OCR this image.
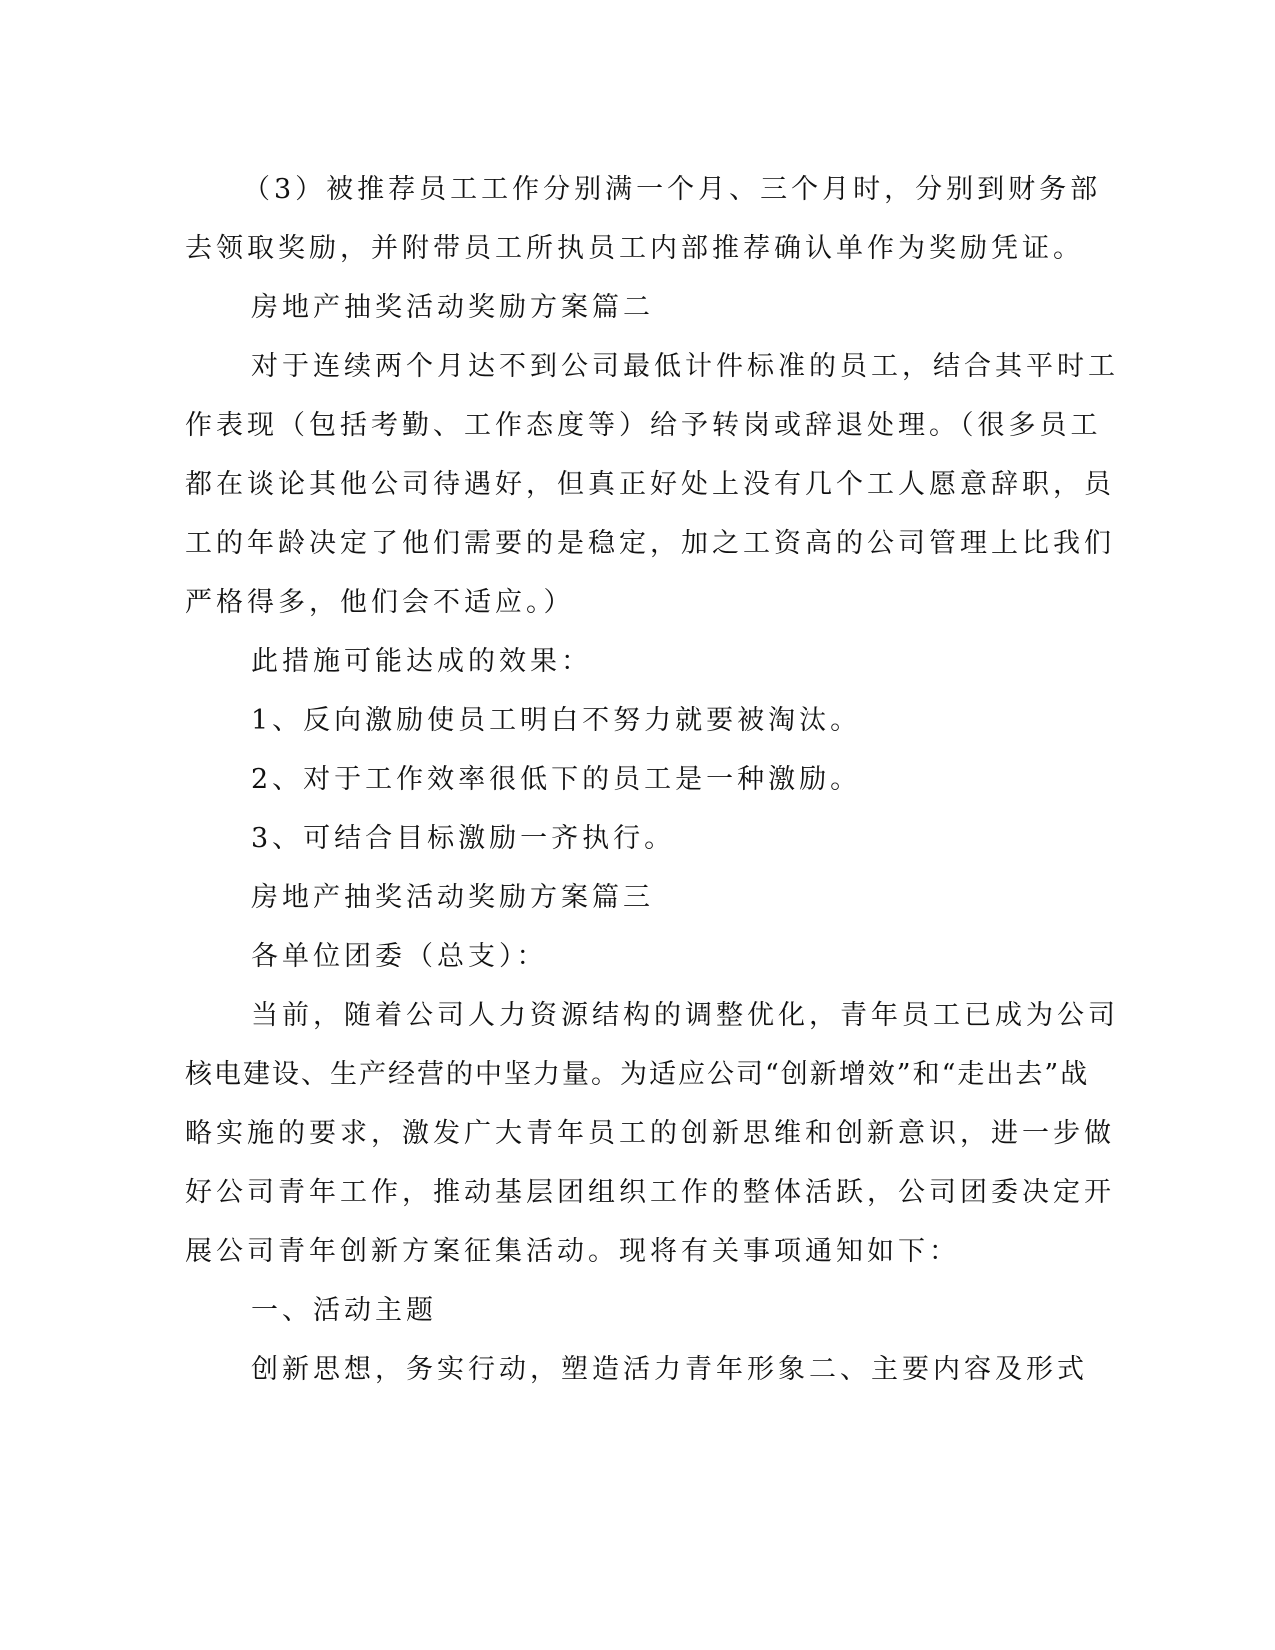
（3）被推荐员工工作分别满一个月、三个月时，分别到财务部
去领取奖励，并附带员工所执员工内部推荐确认单作为奖励凭证。
房地产抽奖活动奖励方案篇二
对于连续两个月达不到公司最低计件标准的员工，结合其平时工
作表现（包括考勤、工作态度等）给予转岗或辞退处理。（很多员工
都在谈论其他公司待遇好，但真正好处上没有几个工人愿意辞职，员
工的年龄决定了他们需要的是稳定，加之工资高的公司管理上比我们
严格得多，他们会不适应。）
此措施可能达成的效果：
1、反向激励使员工明白不努力就要被淘汰。
2、对于工作效率很低下的员工是一种激励。
3、可结合目标激励一齐执行。
房地产抽奖活动奖励方案篇三
各单位团委（总支）：
当前，随着公司人力资源结构的调整优化，青年员工已成为公司
核电建设、生产经营的中坚力量。为适应公司“创新增效”和“走出去”战
略实施的要求，激发广大青年员工的创新思维和创新意识，进一步做
好公司青年工作，推动基层团组织工作的整体活跃，公司团委决定开
展公司青年创新方案征集活动。现将有关事项通知如下：
一、活动主题
创新思想，务实行动，塑造活力青年形象二、主要内容及形式
